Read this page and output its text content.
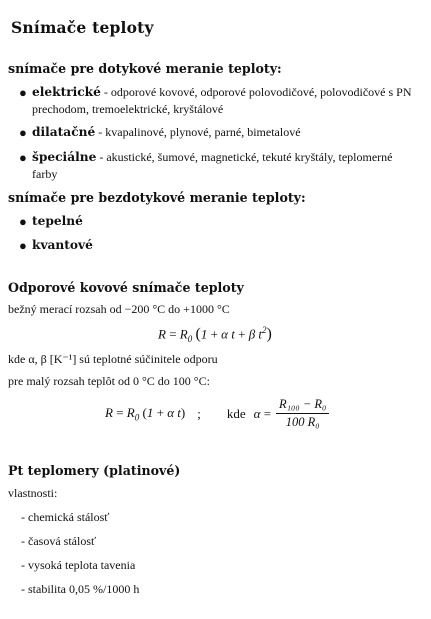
Snímače teploty
snímače pre dotykové meranie teploty:
● elektrické - odporové kovové, odporové polovodičové, polovodičové s PN
prechodom, tremoelektrické, kryštálové
● dilatačné - kvapalinové, plynové, parné, bimetalové
● špeciálne - akustické, šumové, magnetické, tekuté kryštály, teplomerné
farby
snímače pre bezdotykové meranie teploty:
● tepelné
● kvantové
Odporové kovové snímače teploty
bežný merací rozsah od −200 °C do +1000 °C
$R = R_0$ (1 + α t + β $t^2$)
kde α, β [K⁻¹] sú teplotné súčinitele odporu
pre malý rozsah teplôt od 0 °C do 100 °C:
$R = R_0$ (1 + α t) ; kde $\alpha = \frac{\text{R₁₀₀ − R₀}}{\text{100 R₀}}$
Pt teplomery (platinové)
vlastnosti:
- chemická stálosť
- časová stálosť
- vysoká teplota tavenia
- stabilita 0,05 %/1000 h
